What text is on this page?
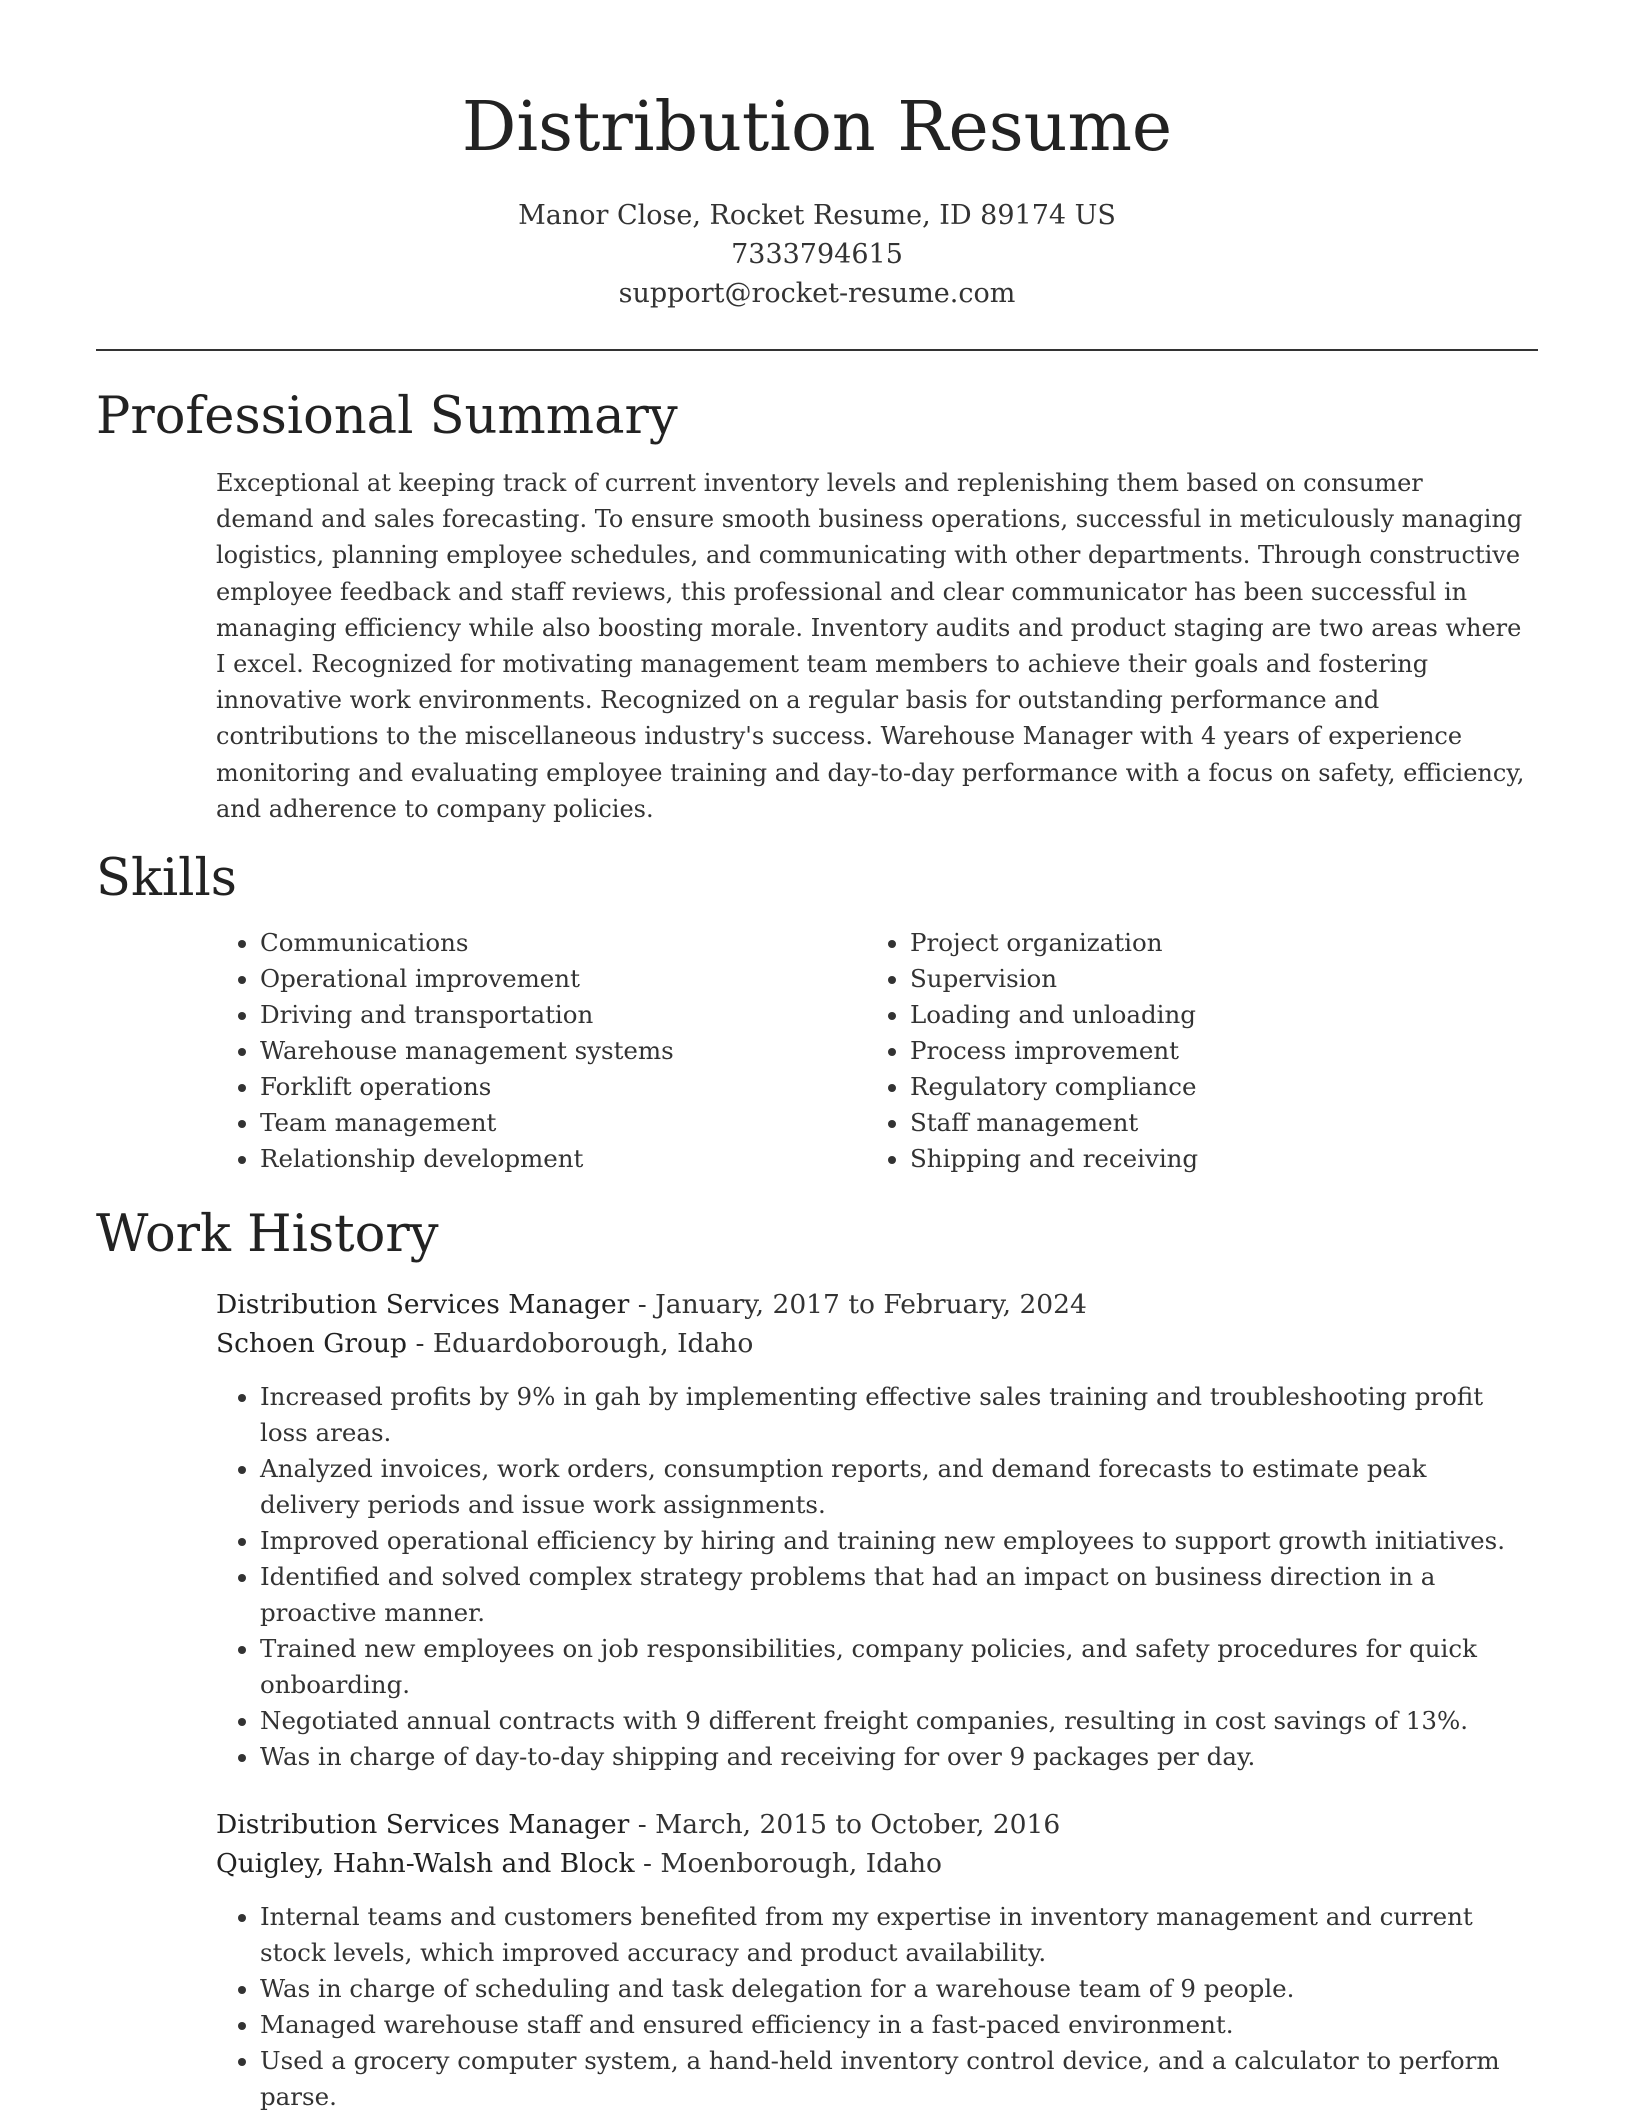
Distribution Resume
Manor Close, Rocket Resume, ID 89174 US
7333794615
support@rocket-resume.com
Professional Summary

Exceptional at keeping track of current inventory levels and replenishing them based on consumer demand and sales forecasting. To ensure smooth business operations, successful in meticulously managing logistics, planning employee schedules, and communicating with other departments. Through constructive employee feedback and staff reviews, this professional and clear communicator has been successful in managing efficiency while also boosting morale. Inventory audits and product staging are two areas where I excel. Recognized for motivating management team members to achieve their goals and fostering innovative work environments. Recognized on a regular basis for outstanding performance and contributions to the miscellaneous industry's success. Warehouse Manager with 4 years of experience monitoring and evaluating employee training and day-to-day performance with a focus on safety, efficiency, and adherence to company policies.

Skills
• Communications
• Operational improvement
• Driving and transportation
• Warehouse management systems
• Forklift operations
• Team management
• Relationship development
• Project organization
• Supervision
• Loading and unloading
• Process improvement
• Regulatory compliance
• Staff management
• Shipping and receiving
Work History
Distribution Services Manager - January, 2017 to February, 2024
Schoen Group - Eduardoborough, Idaho
• Increased profits by 9% in gah by implementing effective sales training and troubleshooting profit loss areas.
• Analyzed invoices, work orders, consumption reports, and demand forecasts to estimate peak delivery periods and issue work assignments.
• Improved operational efficiency by hiring and training new employees to support growth initiatives.
• Identified and solved complex strategy problems that had an impact on business direction in a proactive manner.
• Trained new employees on job responsibilities, company policies, and safety procedures for quick onboarding.
• Negotiated annual contracts with 9 different freight companies, resulting in cost savings of 13%.
• Was in charge of day-to-day shipping and receiving for over 9 packages per day.
Distribution Services Manager - March, 2015 to October, 2016
Quigley, Hahn-Walsh and Block - Moenborough, Idaho
• Internal teams and customers benefited from my expertise in inventory management and current stock levels, which improved accuracy and product availability.
• Was in charge of scheduling and task delegation for a warehouse team of 9 people.
• Managed warehouse staff and ensured efficiency in a fast-paced environment.
• Used a grocery computer system, a hand-held inventory control device, and a calculator to perform parse.
